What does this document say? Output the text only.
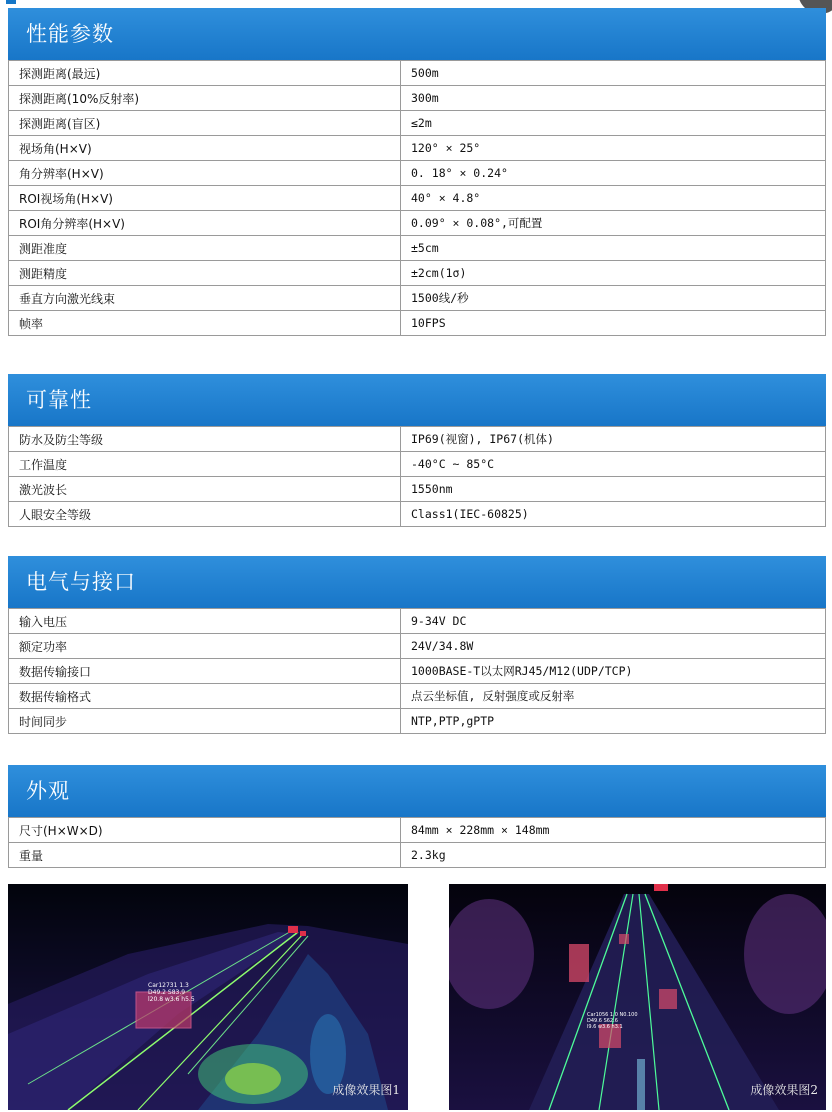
性能参数
探测距离(最远)	500m
探测距离(10%反射率)	300m
探测距离(盲区)	≤2m
视场角(H×V)	120° × 25°
角分辨率(H×V)	0. 18° × 0.24°
ROI视场角(H×V)	40° × 4.8°
ROI角分辨率(H×V)	0.09° × 0.08°,可配置
测距准度	±5cm
测距精度	±2cm(1σ)
垂直方向激光线束	1500线/秒
帧率	10FPS
可靠性
防水及防尘等级	IP69(视窗), IP67(机体)
工作温度	-40°C ~ 85°C
激光波长	1550nm
人眼安全等级	Class1(IEC-60825)
电气与接口
输入电压	9-34V DC
额定功率	24V/34.8W
数据传输接口	1000BASE-T以太网RJ45/M12(UDP/TCP)
数据传输格式	点云坐标值, 反射强度或反射率
时间同步	NTP,PTP,gPTP
外观
尺寸(H×W×D)	84mm × 228mm × 148mm
重量	2.3kg
Car12731 1.3
D49.2 S83.9
l20.8 w3.6 h5.5
成像效果图1
Car1056 1.0 N0.100
D49.6 S62.6
l9.6 w3.6 h3.1
成像效果图2
